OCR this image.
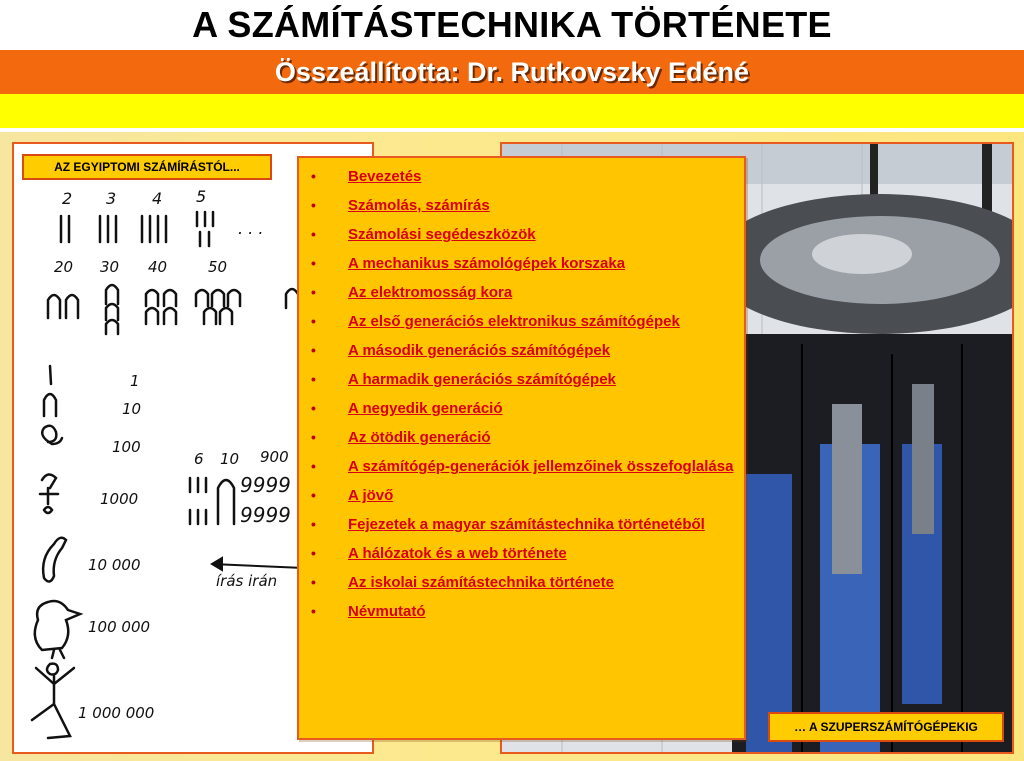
A SZÁMÍTÁSTECHNIKA TÖRTÉNETE
Összeállította: Dr. Rutkovszky Edéné
2 3 4 5
. . .
20 30 40	50
1
10
100
1000
10 000
100 000
1 000 000
6 10 900
9999
9999
írás irán
AZ EGYIPTOMI SZÁMÍRÁSTÓL...
… A SZUPERSZÁMÍTÓGÉPEKIG
• Bevezetés
• Számolás, számírás
• Számolási segédeszközök
• A mechanikus számológépek korszaka
• Az elektromosság kora
• Az első generációs elektronikus számítógépek
• A második generációs számítógépek
• A harmadik generációs számítógépek
• A negyedik generáció
• Az ötödik generáció
• A számítógép-generációk jellemzőinek összefoglalása
• A jövő
• Fejezetek a magyar számítástechnika történetéből
• A hálózatok és a web története
• Az iskolai számítástechnika története
• Névmutató
